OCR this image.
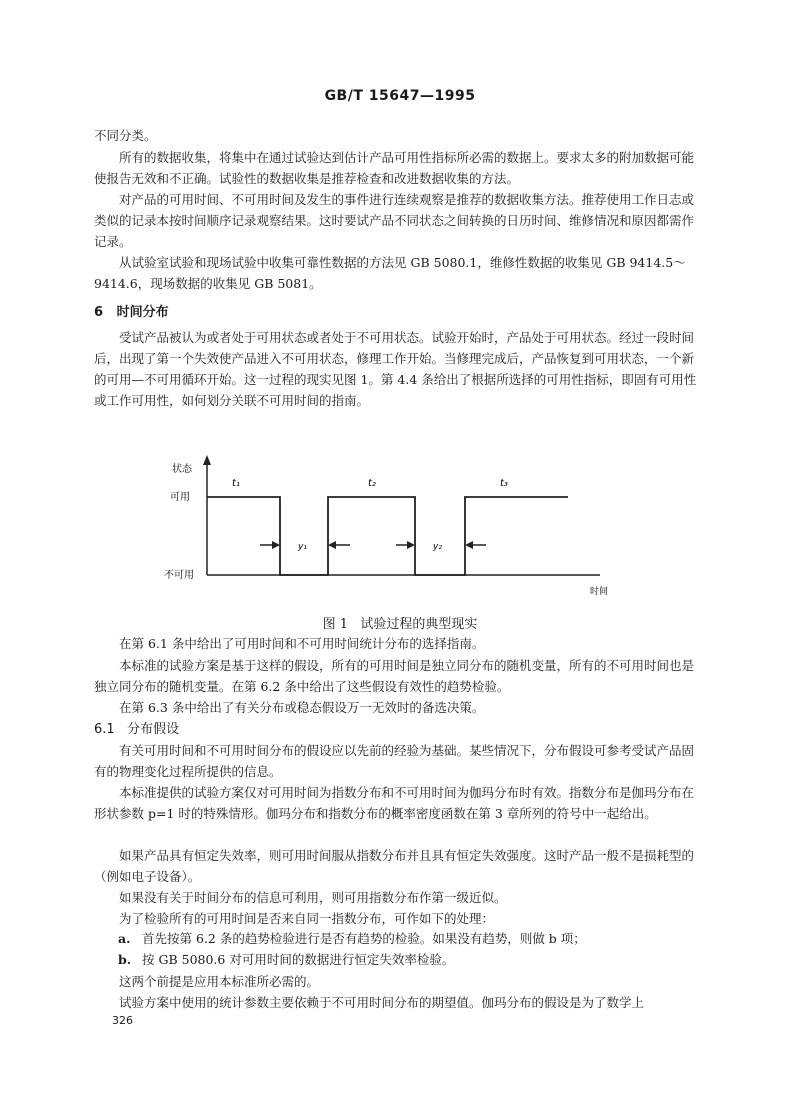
GB/T 15647—1995

不同分类。

所有的数据收集，将集中在通过试验达到估计产品可用性指标所必需的数据上。要求太多的附加数据可能使报告无效和不正确。试验性的数据收集是推荐检查和改进数据收集的方法。

对产品的可用时间、不可用时间及发生的事件进行连续观察是推荐的数据收集方法。推荐使用工作日志或类似的记录本按时间顺序记录观察结果。这时要试产品不同状态之间转换的日历时间、维修情况和原因都需作记录。

从试验室试验和现场试验中收集可靠性数据的方法见 GB 5080.1，维修性数据的收集见 GB 9414.5～9414.6，现场数据的收集见 GB 5081。

6 时间分布

受试产品被认为或者处于可用状态或者处于不可用状态。试验开始时，产品处于可用状态。经过一段时间后，出现了第一个失效使产品进入不可用状态，修理工作开始。当修理完成后，产品恢复到可用状态，一个新的可用—不可用循环开始。这一过程的现实见图 1。第 4.4 条给出了根据所选择的可用性指标，即固有可用性或工作可用性，如何划分关联不可用时间的指南。

状态
可用
不可用
时间
t₁	t₂	t₃
y₁	y₂
图 1 试验过程的典型现实

在第 6.1 条中给出了可用时间和不可用时间统计分布的选择指南。

本标准的试验方案是基于这样的假设，所有的可用时间是独立同分布的随机变量，所有的不可用时间也是独立同分布的随机变量。在第 6.2 条中给出了这些假设有效性的趋势检验。

在第 6.3 条中给出了有关分布或稳态假设万一无效时的备选决策。

6.1 分布假设

有关可用时间和不可用时间分布的假设应以先前的经验为基础。某些情况下，分布假设可参考受试产品固有的物理变化过程所提供的信息。

本标准提供的试验方案仅对可用时间为指数分布和不可用时间为伽玛分布时有效。指数分布是伽玛分布在形状参数 p=1 时的特殊情形。伽玛分布和指数分布的概率密度函数在第 3 章所列的符号中一起给出。

如果产品具有恒定失效率，则可用时间服从指数分布并且具有恒定失效强度。这时产品一般不是损耗型的（例如电子设备）。

如果没有关于时间分布的信息可利用，则可用指数分布作第一级近似。

为了检验所有的可用时间是否来自同一指数分布，可作如下的处理：

a. 首先按第 6.2 条的趋势检验进行是否有趋势的检验。如果没有趋势，则做 b 项；
b. 按 GB 5080.6 对可用时间的数据进行恒定失效率检验。

这两个前提是应用本标准所必需的。

试验方案中使用的统计参数主要依赖于不可用时间分布的期望值。伽玛分布的假设是为了数学上

326
